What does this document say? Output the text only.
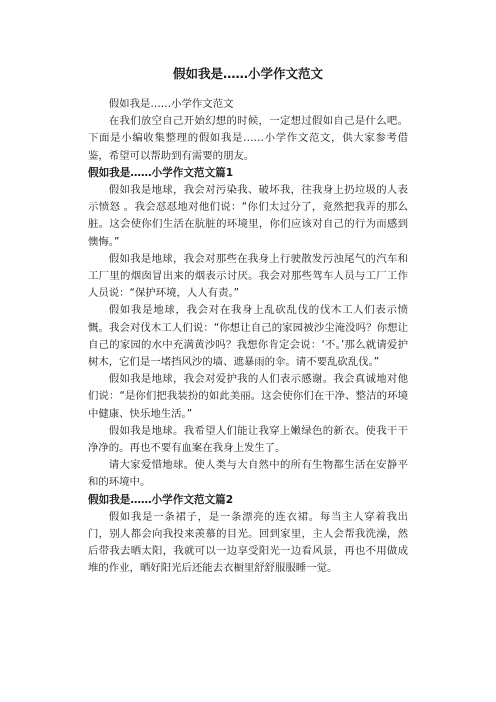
假如我是……小学作文范文

假如我是……小学作文范文

在我们放空自己开始幻想的时候，一定想过假如自己是什么吧。下面是小编收集整理的假如我是……小学作文范文，供大家参考借鉴，希望可以帮助到有需要的朋友。

假如我是……小学作文范文篇1

假如我是地球，我会对污染我、破坏我，往我身上扔垃圾的人表示愤怒 。我会怼怼地对他们说：“你们太过分了，竟然把我弄的那么脏。这会使你们生活在肮脏的环境里，你们应该对自己的行为而感到懊悔。”

假如我是地球，我会对那些在我身上行驶散发污浊尾气的汽车和工厂里的烟囱冒出来的烟表示讨厌。我会对那些驾车人员与工厂工作人员说：“保护环境，人人有责。”

假如我是地球，我会对在我身上乱砍乱伐的伐木工人们表示愤慨。我会对伐木工人们说：“你想让自己的家园被沙尘淹没吗？你想让自己的家园的水中充满黄沙吗？我想你肯定会说：‘不。’那么就请爱护树木，它们是一堵挡风沙的墙、遮暴雨的伞。请不要乱砍乱伐。”

假如我是地球，我会对爱护我的人们表示感谢。我会真诚地对他们说：“是你们把我装扮的如此美丽。这会使你们在干净、整洁的环境中健康、快乐地生活。”

假如我是地球。我希望人们能让我穿上嫩绿色的新衣。使我干干净净的。再也不要有血案在我身上发生了。

请大家爱惜地球。使人类与大自然中的所有生物都生活在安静平和的环境中。

假如我是……小学作文范文篇2

假如我是一条裙子，是一条漂亮的连衣裙。每当主人穿着我出门，别人都会向我投来羡慕的目光。回到家里，主人会帮我洗澡，然后带我去晒太阳，我就可以一边享受阳光一边看风景，再也不用做成堆的作业，晒好阳光后还能去衣橱里舒舒服服睡一觉。
